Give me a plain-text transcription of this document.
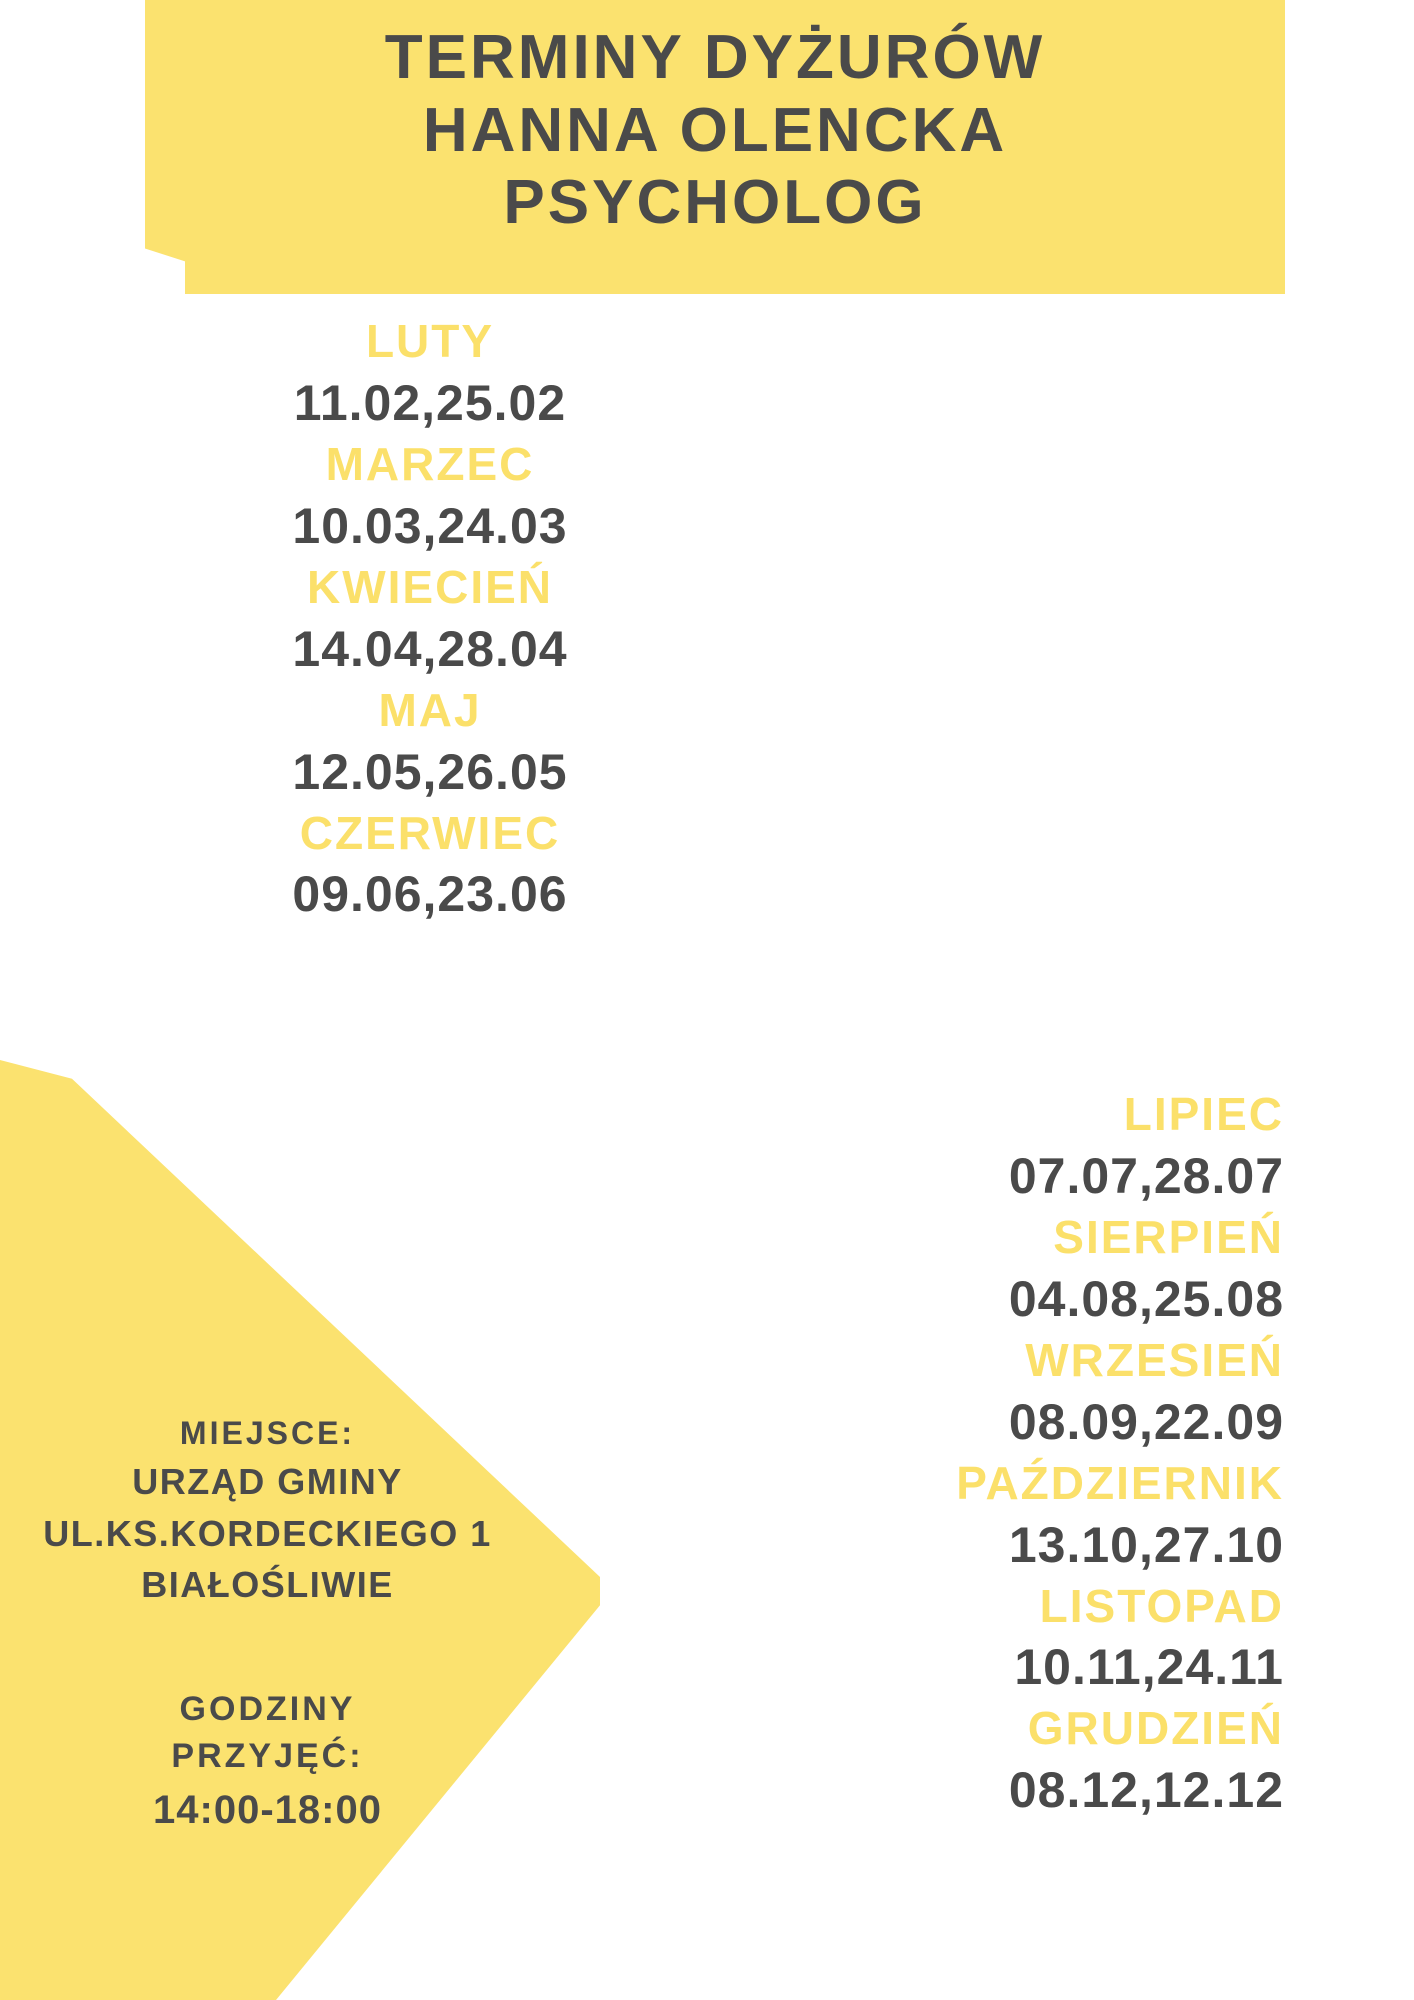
TERMINY DYŻURÓW
HANNA OLENCKA
PSYCHOLOG
LUTY
11.02,25.02
MARZEC
10.03,24.03
KWIECIEŃ
14.04,28.04
MAJ
12.05,26.05
CZERWIEC
09.06,23.06
LIPIEC
07.07,28.07
SIERPIEŃ
04.08,25.08
WRZESIEŃ
08.09,22.09
PAŹDZIERNIK
13.10,27.10
LISTOPAD
10.11,24.11
GRUDZIEŃ
08.12,12.12
MIEJSCE:
URZĄD GMINY
UL.KS.KORDECKIEGO 1
BIAŁOŚLIWIE
GODZINY
PRZYJĘĆ:
14:00-18:00
